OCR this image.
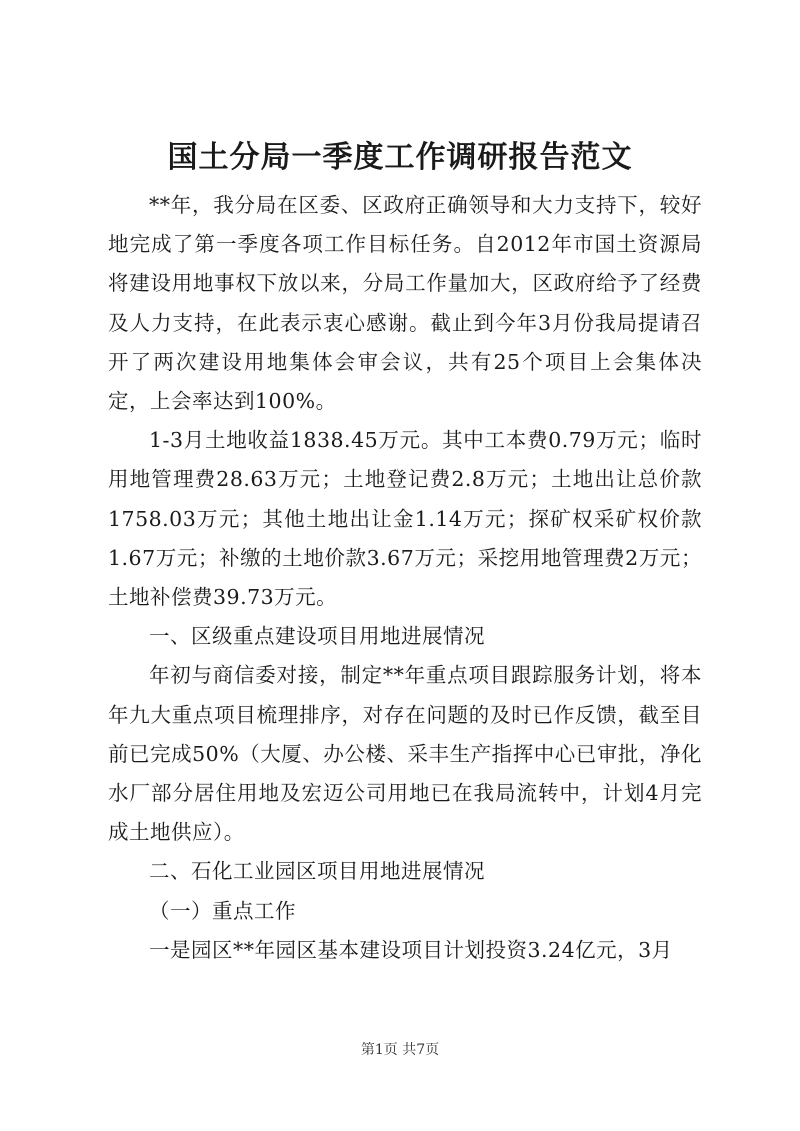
国土分局一季度工作调研报告范文

**年，我分局在区委、区政府正确领导和大力支持下，较好地完成了第一季度各项工作目标任务。自2012年市国土资源局将建设用地事权下放以来，分局工作量加大，区政府给予了经费及人力支持，在此表示衷心感谢。截止到今年3月份我局提请召开了两次建设用地集体会审会议，共有25个项目上会集体决定，上会率达到100%。

1-3月土地收益1838.45万元。其中工本费0.79万元；临时用地管理费28.63万元；土地登记费2.8万元；土地出让总价款1758.03万元；其他土地出让金1.14万元；探矿权采矿权价款1.67万元；补缴的土地价款3.67万元；采挖用地管理费2万元；土地补偿费39.73万元。

一、区级重点建设项目用地进展情况

年初与商信委对接，制定**年重点项目跟踪服务计划，将本年九大重点项目梳理排序，对存在问题的及时已作反馈，截至目前已完成50%（大厦、办公楼、采丰生产指挥中心已审批，净化水厂部分居住用地及宏迈公司用地已在我局流转中，计划4月完成土地供应）。

二、石化工业园区项目用地进展情况

（一）重点工作

一是园区**年园区基本建设项目计划投资3.24亿元，3月

第1页 共7页
